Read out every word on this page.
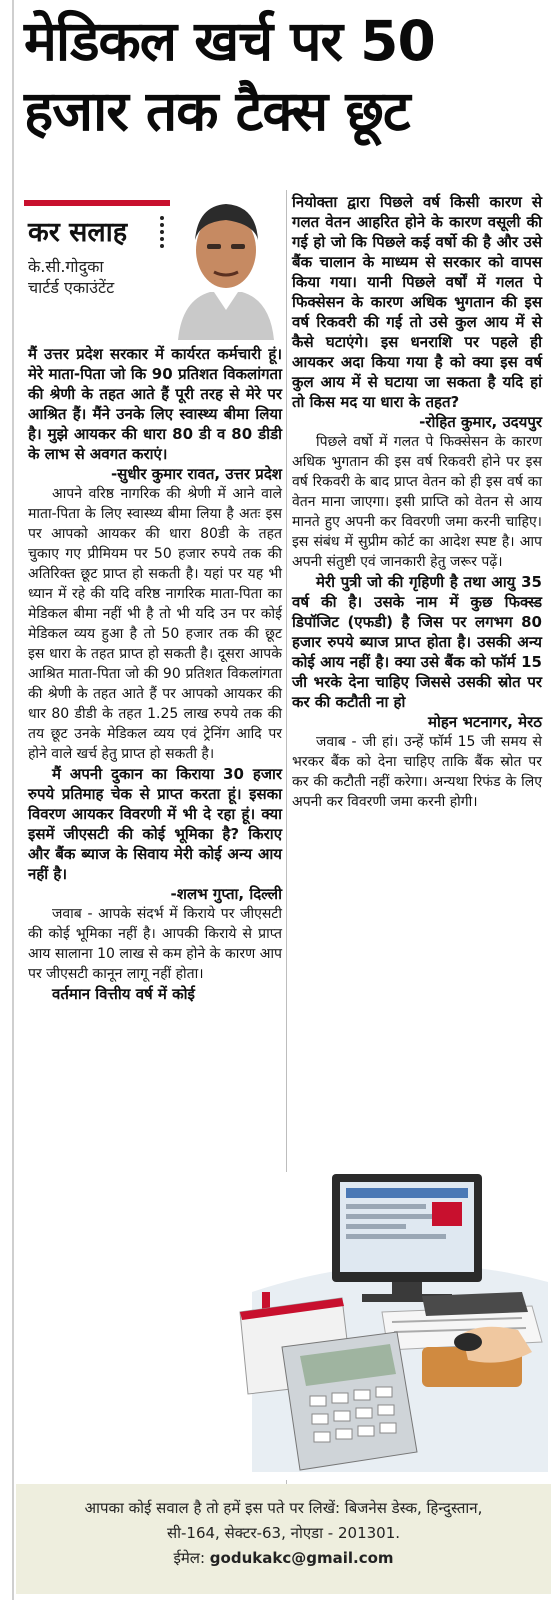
मेडिकल खर्च पर 50
हजार तक टैक्स छूट
कर सलाह
के.सी.गोदुका
चार्टर्ड एकाउंटेंट

मैं उत्तर प्रदेश सरकार में कार्यरत कर्मचारी हूं। मेरे माता-पिता जो कि 90 प्रतिशत विकलांगता की श्रेणी के तहत आते हैं पूरी तरह से मेरे पर आश्रित हैं। मैंने उनके लिए स्वास्थ्य बीमा लिया है। मुझे आयकर की धारा 80 डी व 80 डीडी के लाभ से अवगत कराएं।

-सुधीर कुमार रावत, उत्तर प्रदेश

आपने वरिष्ठ नागरिक की श्रेणी में आने वाले माता-पिता के लिए स्वास्थ्य बीमा लिया है अतः इस पर आपको आयकर की धारा 80डी के तहत चुकाए गए प्रीमियम पर 50 हजार रुपये तक की अतिरिक्त छूट प्राप्त हो सकती है। यहां पर यह भी ध्यान में रहे की यदि वरिष्ठ नागरिक माता-पिता का मेडिकल बीमा नहीं भी है तो भी यदि उन पर कोई मेडिकल व्यय हुआ है तो 50 हजार तक की छूट इस धारा के तहत प्राप्त हो सकती है। दूसरा आपके आश्रित माता-पिता जो की 90 प्रतिशत विकलांगता की श्रेणी के तहत आते हैं पर आपको आयकर की धार 80 डीडी के तहत 1.25 लाख रुपये तक की तय छूट उनके मेडिकल व्यय एवं ट्रेनिंग आदि पर होने वाले खर्च हेतु प्राप्त हो सकती है।

मैं अपनी दुकान का किराया 30 हजार रुपये प्रतिमाह चेक से प्राप्त करता हूं। इसका विवरण आयकर विवरणी में भी दे रहा हूं। क्या इसमें जीएसटी की कोई भूमिका है? किराए और बैंक ब्याज के सिवाय मेरी कोई अन्य आय नहीं है।

-शलभ गुप्ता, दिल्ली

जवाब - आपके संदर्भ में किराये पर जीएसटी की कोई भूमिका नहीं है। आपकी किराये से प्राप्त आय सालाना 10 लाख से कम होने के कारण आप पर जीएसटी कानून लागू नहीं होता।

वर्तमान वित्तीय वर्ष में कोई

नियोक्ता द्वारा पिछले वर्ष किसी कारण से गलत वेतन आहरित होने के कारण वसूली की गई हो जो कि पिछले कई वर्षो की है और उसे बैंक चालान के माध्यम से सरकार को वापस किया गया। यानी पिछले वर्षों में गलत पे फिक्सेसन के कारण अधिक भुगतान की इस वर्ष रिकवरी की गई तो उसे कुल आय में से कैसे घटाएंगे। इस धनराशि पर पहले ही आयकर अदा किया गया है को क्या इस वर्ष कुल आय में से घटाया जा सकता है यदि हां तो किस मद या धारा के तहत?

-रोहित कुमार, उदयपुर

पिछले वर्षो में गलत पे फिक्सेसन के कारण अधिक भुगतान की इस वर्ष रिकवरी होने पर इस वर्ष रिकवरी के बाद प्राप्त वेतन को ही इस वर्ष का वेतन माना जाएगा। इसी प्राप्ति को वेतन से आय मानते हुए अपनी कर विवरणी जमा करनी चाहिए। इस संबंध में सुप्रीम कोर्ट का आदेश स्पष्ट है। आप अपनी संतुष्टी एवं जानकारी हेतु जरूर पढ़ें।

मेरी पुत्री जो की गृहिणी है तथा आयु 35 वर्ष की है। उसके नाम में कुछ फिक्स्ड डिपॉजिट (एफडी) है जिस पर लगभग 80 हजार रुपये ब्याज प्राप्त होता है। उसकी अन्य कोई आय नहीं है। क्या उसे बैंक को फॉर्म 15 जी भरके देना चाहिए जिससे उसकी स्रोत पर कर की कटौती ना हो

मोहन भटनागर, मेरठ

जवाब - जी हां। उन्हें फॉर्म 15 जी समय से भरकर बैंक को देना चाहिए ताकि बैंक स्रोत पर कर की कटौती नहीं करेगा। अन्यथा रिफंड के लिए अपनी कर विवरणी जमा करनी होगी।

आपका कोई सवाल है तो हमें इस पते पर लिखें: बिजनेस डेस्क, हिन्दुस्तान,
सी-164, सेक्टर-63, नोएडा - 201301.
ईमेल: godukakc@gmail.com
